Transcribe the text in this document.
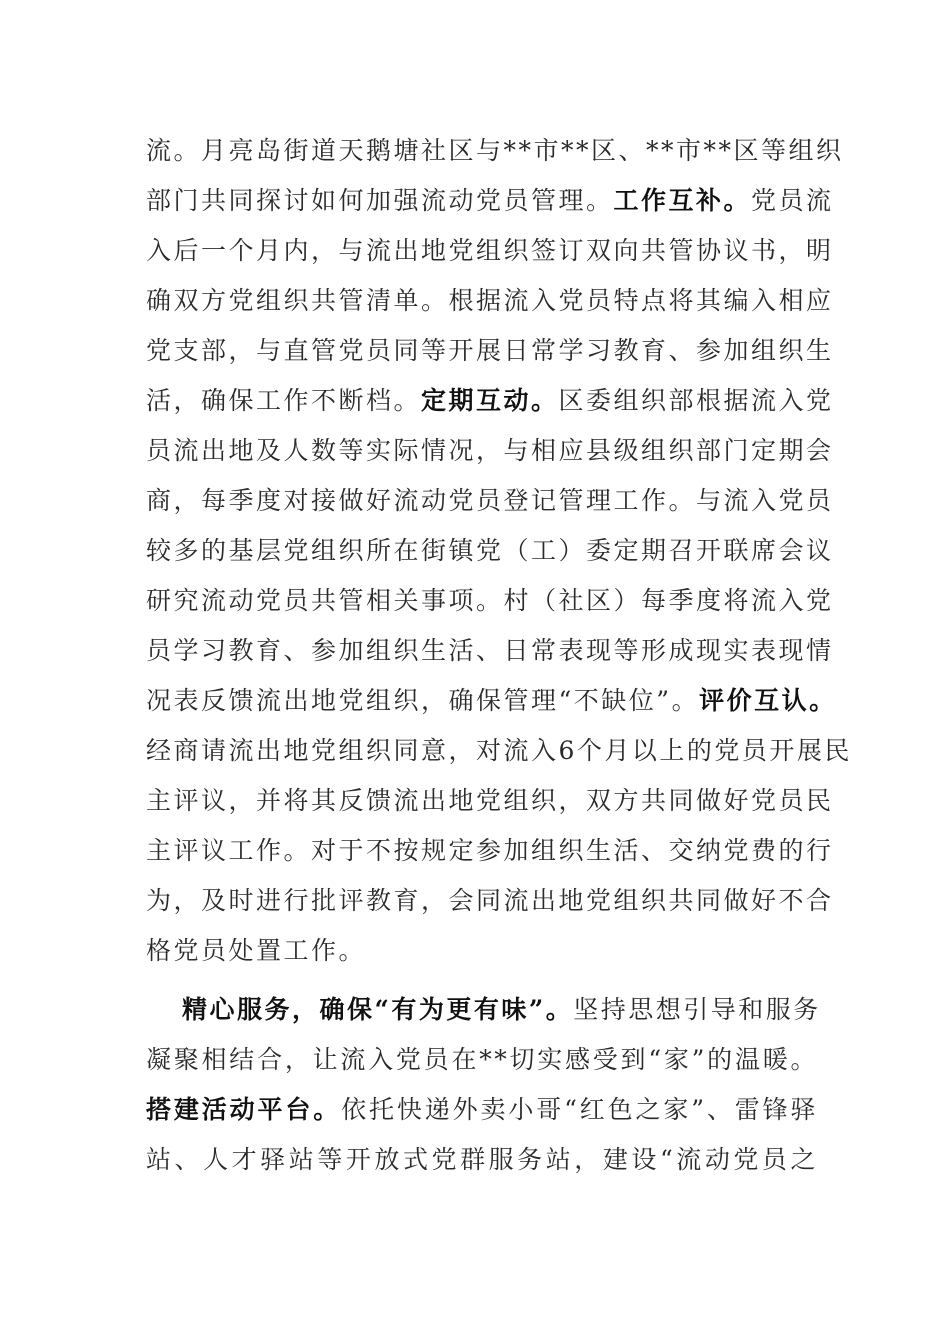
流。月亮岛街道天鹅塘社区与**市**区、**市**区等组织
部门共同探讨如何加强流动党员管理。工作互补。党员流
入后一个月内，与流出地党组织签订双向共管协议书，明
确双方党组织共管清单。根据流入党员特点将其编入相应
党支部，与直管党员同等开展日常学习教育、参加组织生
活，确保工作不断档。定期互动。区委组织部根据流入党
员流出地及人数等实际情况，与相应县级组织部门定期会
商，每季度对接做好流动党员登记管理工作。与流入党员
较多的基层党组织所在街镇党（工）委定期召开联席会议
研究流动党员共管相关事项。村（社区）每季度将流入党
员学习教育、参加组织生活、日常表现等形成现实表现情
况表反馈流出地党组织，确保管理“不缺位”。评价互认。
经商请流出地党组织同意，对流入6个月以上的党员开展民
主评议，并将其反馈流出地党组织，双方共同做好党员民
主评议工作。对于不按规定参加组织生活、交纳党费的行
为，及时进行批评教育，会同流出地党组织共同做好不合
格党员处置工作。
精心服务，确保“有为更有味”。坚持思想引导和服务
凝聚相结合，让流入党员在**切实感受到“家”的温暖。
搭建活动平台。依托快递外卖小哥“红色之家”、雷锋驿
站、人才驿站等开放式党群服务站，建设“流动党员之
